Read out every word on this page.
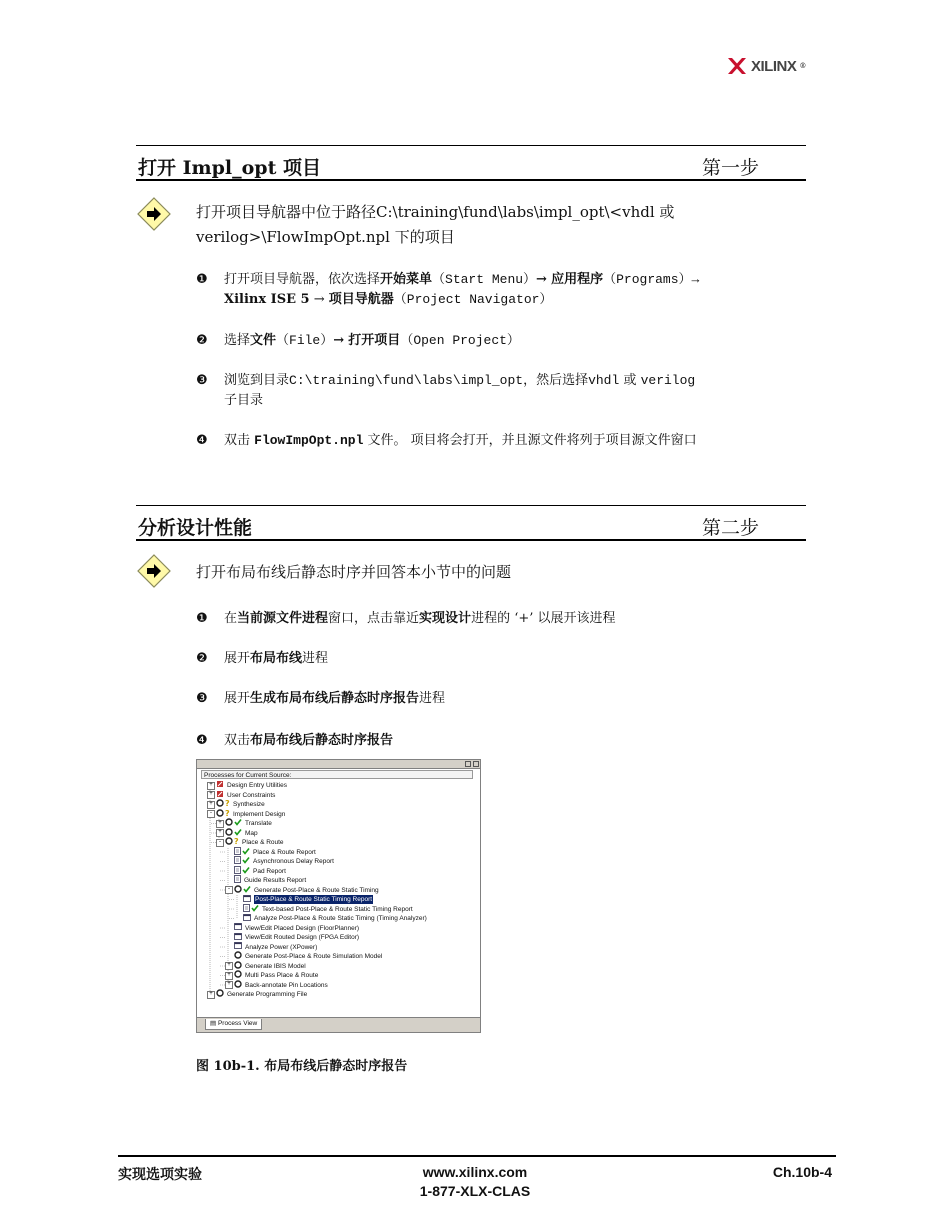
XILINX ®
打开 Impl_opt 项目	第一步
打开项目导航器中位于路径C:\training\fund\labs\impl_opt\<vhdl 或
verilog>\FlowImpOpt.npl 下的项目
❶	打开项目导航器，依次选择开始菜单（Start Menu）→ 应用程序（Programs）→
Xilinx ISE 5 → 项目导航器（Project Navigator）
❷	选择文件（File）→ 打开项目（Open Project）
❸	浏览到目录C:\training\fund\labs\impl_opt，然后选择vhdl 或 verilog
子目录
❹	双击 FlowImpOpt.npl 文件。 项目将会打开，并且源文件将列于项目源文件窗口
分析设计性能	第二步
打开布局布线后静态时序并回答本小节中的问题
❶	在当前源文件进程窗口，点击靠近实现设计进程的 ‘+’ 以展开该进程
❷	展开布局布线进程
❸	展开生成布局布线后静态时序报告进程
❹	双击布局布线后静态时序报告
Processes for Current Source:
+	Design Entry Utilities
+	User Constraints
+ ? Synthesize
-	? Implement Design
+	Translate
+	Map
-	? Place & Route
Place & Route Report
Asynchronous Delay Report
Pad Report
Guide Results Report
-	Generate Post-Place & Route Static Timing
Post-Place & Route Static Timing Report
Text-based Post-Place & Route Static Timing Report
Analyze Post-Place & Route Static Timing (Timing Analyzer)
View/Edit Placed Design (FloorPlanner)
View/Edit Routed Design (FPGA Editor)
Analyze Power (XPower)
Generate Post-Place & Route Simulation Model
+	Generate IBIS Model
+	Multi Pass Place & Route
+	Back-annotate Pin Locations
+	Generate Programming File
▤ Process View
图 10b-1. 布局布线后静态时序报告
实现选项实验	www.xilinx.com
1-877-XLX-CLAS
Ch.10b-4
